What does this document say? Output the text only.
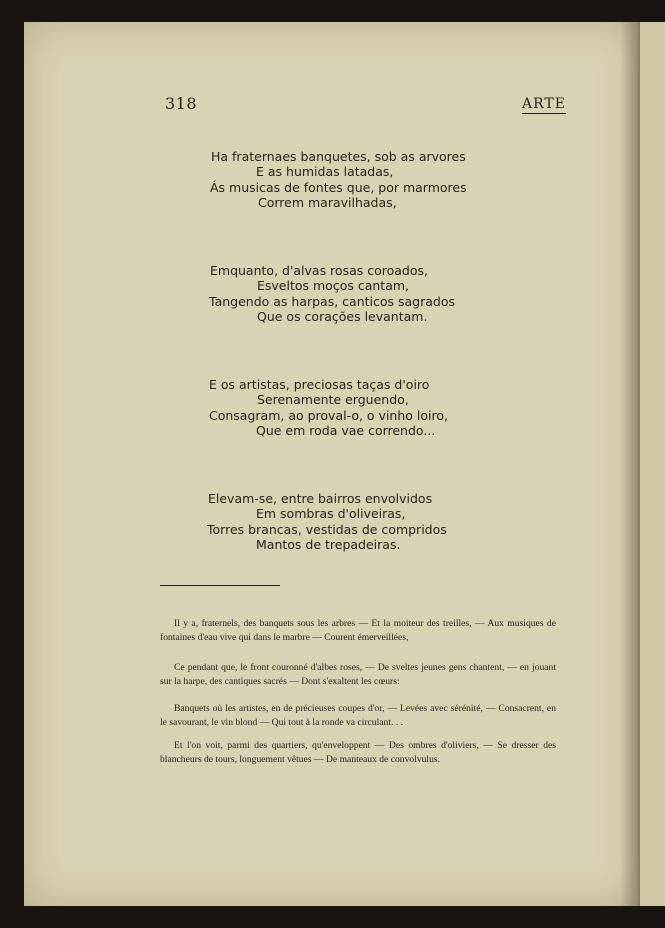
318	ARTE
Ha fraternaes banquetes, sob as arvores
E as humidas latadas,
Ás musicas de fontes que, por marmores
Correm maravilhadas,
Emquanto, d'alvas rosas coroados,
Esveltos moços cantam,
Tangendo as harpas, canticos sagrados
Que os corações levantam.
E os artistas, preciosas taças d'oiro
Serenamente erguendo,
Consagram, ao proval-o, o vinho loiro,
Que em roda vae correndo...
Elevam-se, entre bairros envolvidos
Em sombras d'oliveiras,
Torres brancas, vestidas de compridos
Mantos de trepadeiras.

Il y a, fraternels, des banquets sous les arbres — Et la moiteur des treilles, — Aux musiques de fontaines d'eau vive qui dans le marbre — Courent émerveillées,

Ce pendant que, le front couronné d'albes roses, — De sveltes jeunes gens chantent, — en jouant sur la harpe, des cantiques sacrés — Dont s'exaltent les cœurs:

Banquets où les artistes, en de précieuses coupes d'or, — Levées avec sérénité, — Consacrent, en le savourant, le vin blond — Qui tout à la ronde va circulant. . .

Et l'on voit, parmi des quartiers, qu'enveloppent — Des ombres d'oliviers, — Se dresser des blancheurs de tours, longuement vêtues — De manteaux de convolvulus.
